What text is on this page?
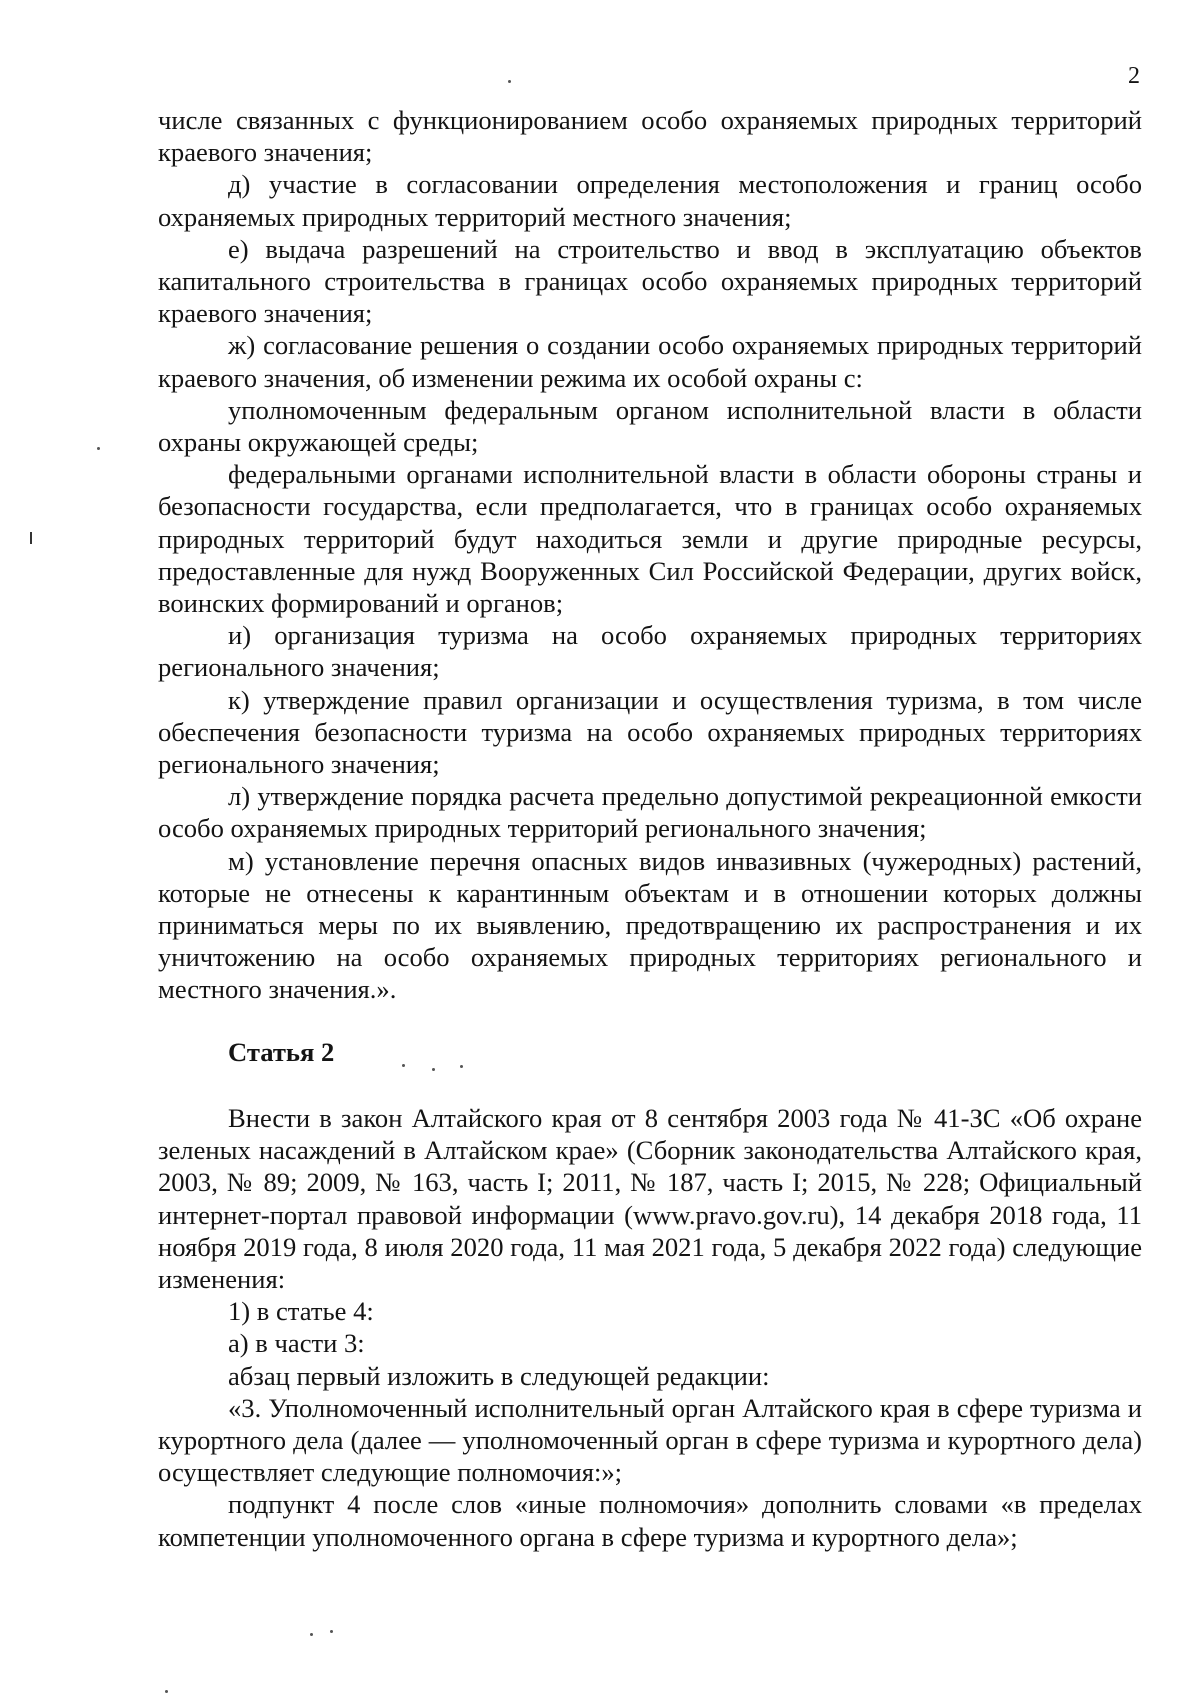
2

числе связанных с функционированием особо охраняемых природных территорий краевого значения;

д) участие в согласовании определения местоположения и границ особо охраняемых природных территорий местного значения;

е) выдача разрешений на строительство и ввод в эксплуатацию объектов капитального строительства в границах особо охраняемых природных территорий краевого значения;

ж) согласование решения о создании особо охраняемых природных территорий краевого значения, об изменении режима их особой охраны с:

уполномоченным федеральным органом исполнительной власти в области охраны окружающей среды;

федеральными органами исполнительной власти в области обороны страны и безопасности государства, если предполагается, что в границах особо охраняемых природных территорий будут находиться земли и другие природные ресурсы, предоставленные для нужд Вооруженных Сил Российской Федерации, других войск, воинских формирований и органов;

и) организация туризма на особо охраняемых природных территориях регионального значения;

к) утверждение правил организации и осуществления туризма, в том числе обеспечения безопасности туризма на особо охраняемых природных территориях регионального значения;

л) утверждение порядка расчета предельно допустимой рекреационной емкости особо охраняемых природных территорий регионального значения;

м) установление перечня опасных видов инвазивных (чужеродных) растений, которые не отнесены к карантинным объектам и в отношении которых должны приниматься меры по их выявлению, предотвращению их распространения и их уничтожению на особо охраняемых природных территориях регионального и местного значения.».

Статья 2

Внести в закон Алтайского края от 8 сентября 2003 года № 41-ЗС «Об охране зеленых насаждений в Алтайском крае» (Сборник законодательства Алтайского края, 2003, № 89; 2009, № 163, часть I; 2011, № 187, часть I; 2015, № 228; Официальный интернет-портал правовой информации (www.pravo.gov.ru), 14 декабря 2018 года, 11 ноября 2019 года, 8 июля 2020 года, 11 мая 2021 года, 5 декабря 2022 года) следующие изменения:

1) в статье 4:

а) в части 3:

абзац первый изложить в следующей редакции:

«3. Уполномоченный исполнительный орган Алтайского края в сфере туризма и курортного дела (далее — уполномоченный орган в сфере туризма и курортного дела) осуществляет следующие полномочия:»;

подпункт 4 после слов «иные полномочия» дополнить словами «в пределах компетенции уполномоченного органа в сфере туризма и курортного дела»;
